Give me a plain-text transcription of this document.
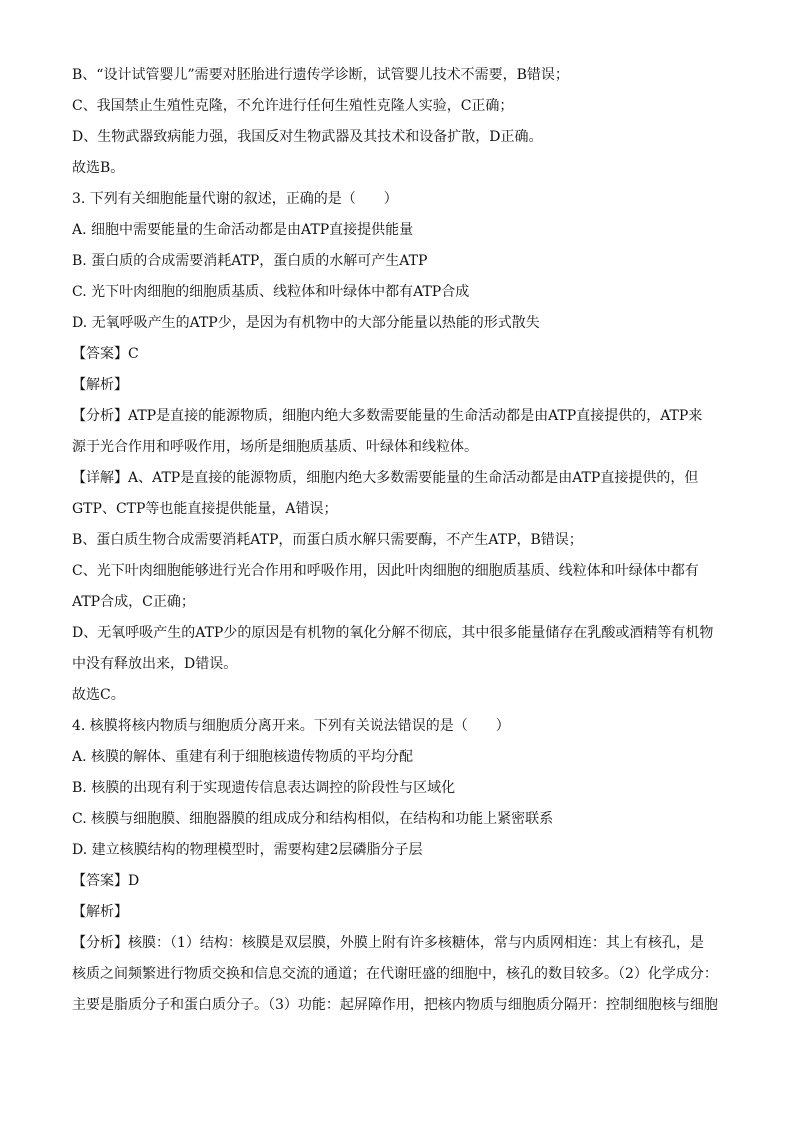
B、“设计试管婴儿”需要对胚胎进行遗传学诊断，试管婴儿技术不需要，B错误；
C、我国禁止生殖性克隆，不允许进行任何生殖性克隆人实验，C正确；
D、生物武器致病能力强，我国反对生物武器及其技术和设备扩散，D正确。
故选B。
3. 下列有关细胞能量代谢的叙述，正确的是（　　）
A. 细胞中需要能量的生命活动都是由ATP直接提供能量
B. 蛋白质的合成需要消耗ATP，蛋白质的水解可产生ATP
C. 光下叶肉细胞的细胞质基质、线粒体和叶绿体中都有ATP合成
D. 无氧呼吸产生的ATP少，是因为有机物中的大部分能量以热能的形式散失
【答案】C
【解析】
【分析】ATP是直接的能源物质，细胞内绝大多数需要能量的生命活动都是由ATP直接提供的，ATP来
源于光合作用和呼吸作用，场所是细胞质基质、叶绿体和线粒体。
【详解】A、ATP是直接的能源物质，细胞内绝大多数需要能量的生命活动都是由ATP直接提供的，但
GTP、CTP等也能直接提供能量，A错误；
B、蛋白质生物合成需要消耗ATP，而蛋白质水解只需要酶，不产生ATP，B错误；
C、光下叶肉细胞能够进行光合作用和呼吸作用，因此叶肉细胞的细胞质基质、线粒体和叶绿体中都有
ATP合成，C正确；
D、无氧呼吸产生的ATP少的原因是有机物的氧化分解不彻底，其中很多能量储存在乳酸或酒精等有机物
中没有释放出来，D错误。
故选C。
4. 核膜将核内物质与细胞质分离开来。下列有关说法错误的是（　　）
A. 核膜的解体、重建有利于细胞核遗传物质的平均分配
B. 核膜的出现有利于实现遗传信息表达调控的阶段性与区域化
C. 核膜与细胞膜、细胞器膜的组成成分和结构相似，在结构和功能上紧密联系
D. 建立核膜结构的物理模型时，需要构建2层磷脂分子层
【答案】D
【解析】
【分析】核膜：（1）结构：核膜是双层膜，外膜上附有许多核糖体，常与内质网相连：其上有核孔，是
核质之间频繁进行物质交换和信息交流的通道；在代谢旺盛的细胞中，核孔的数目较多。（2）化学成分：
主要是脂质分子和蛋白质分子。（3）功能：起屏障作用，把核内物质与细胞质分隔开：控制细胞核与细胞
